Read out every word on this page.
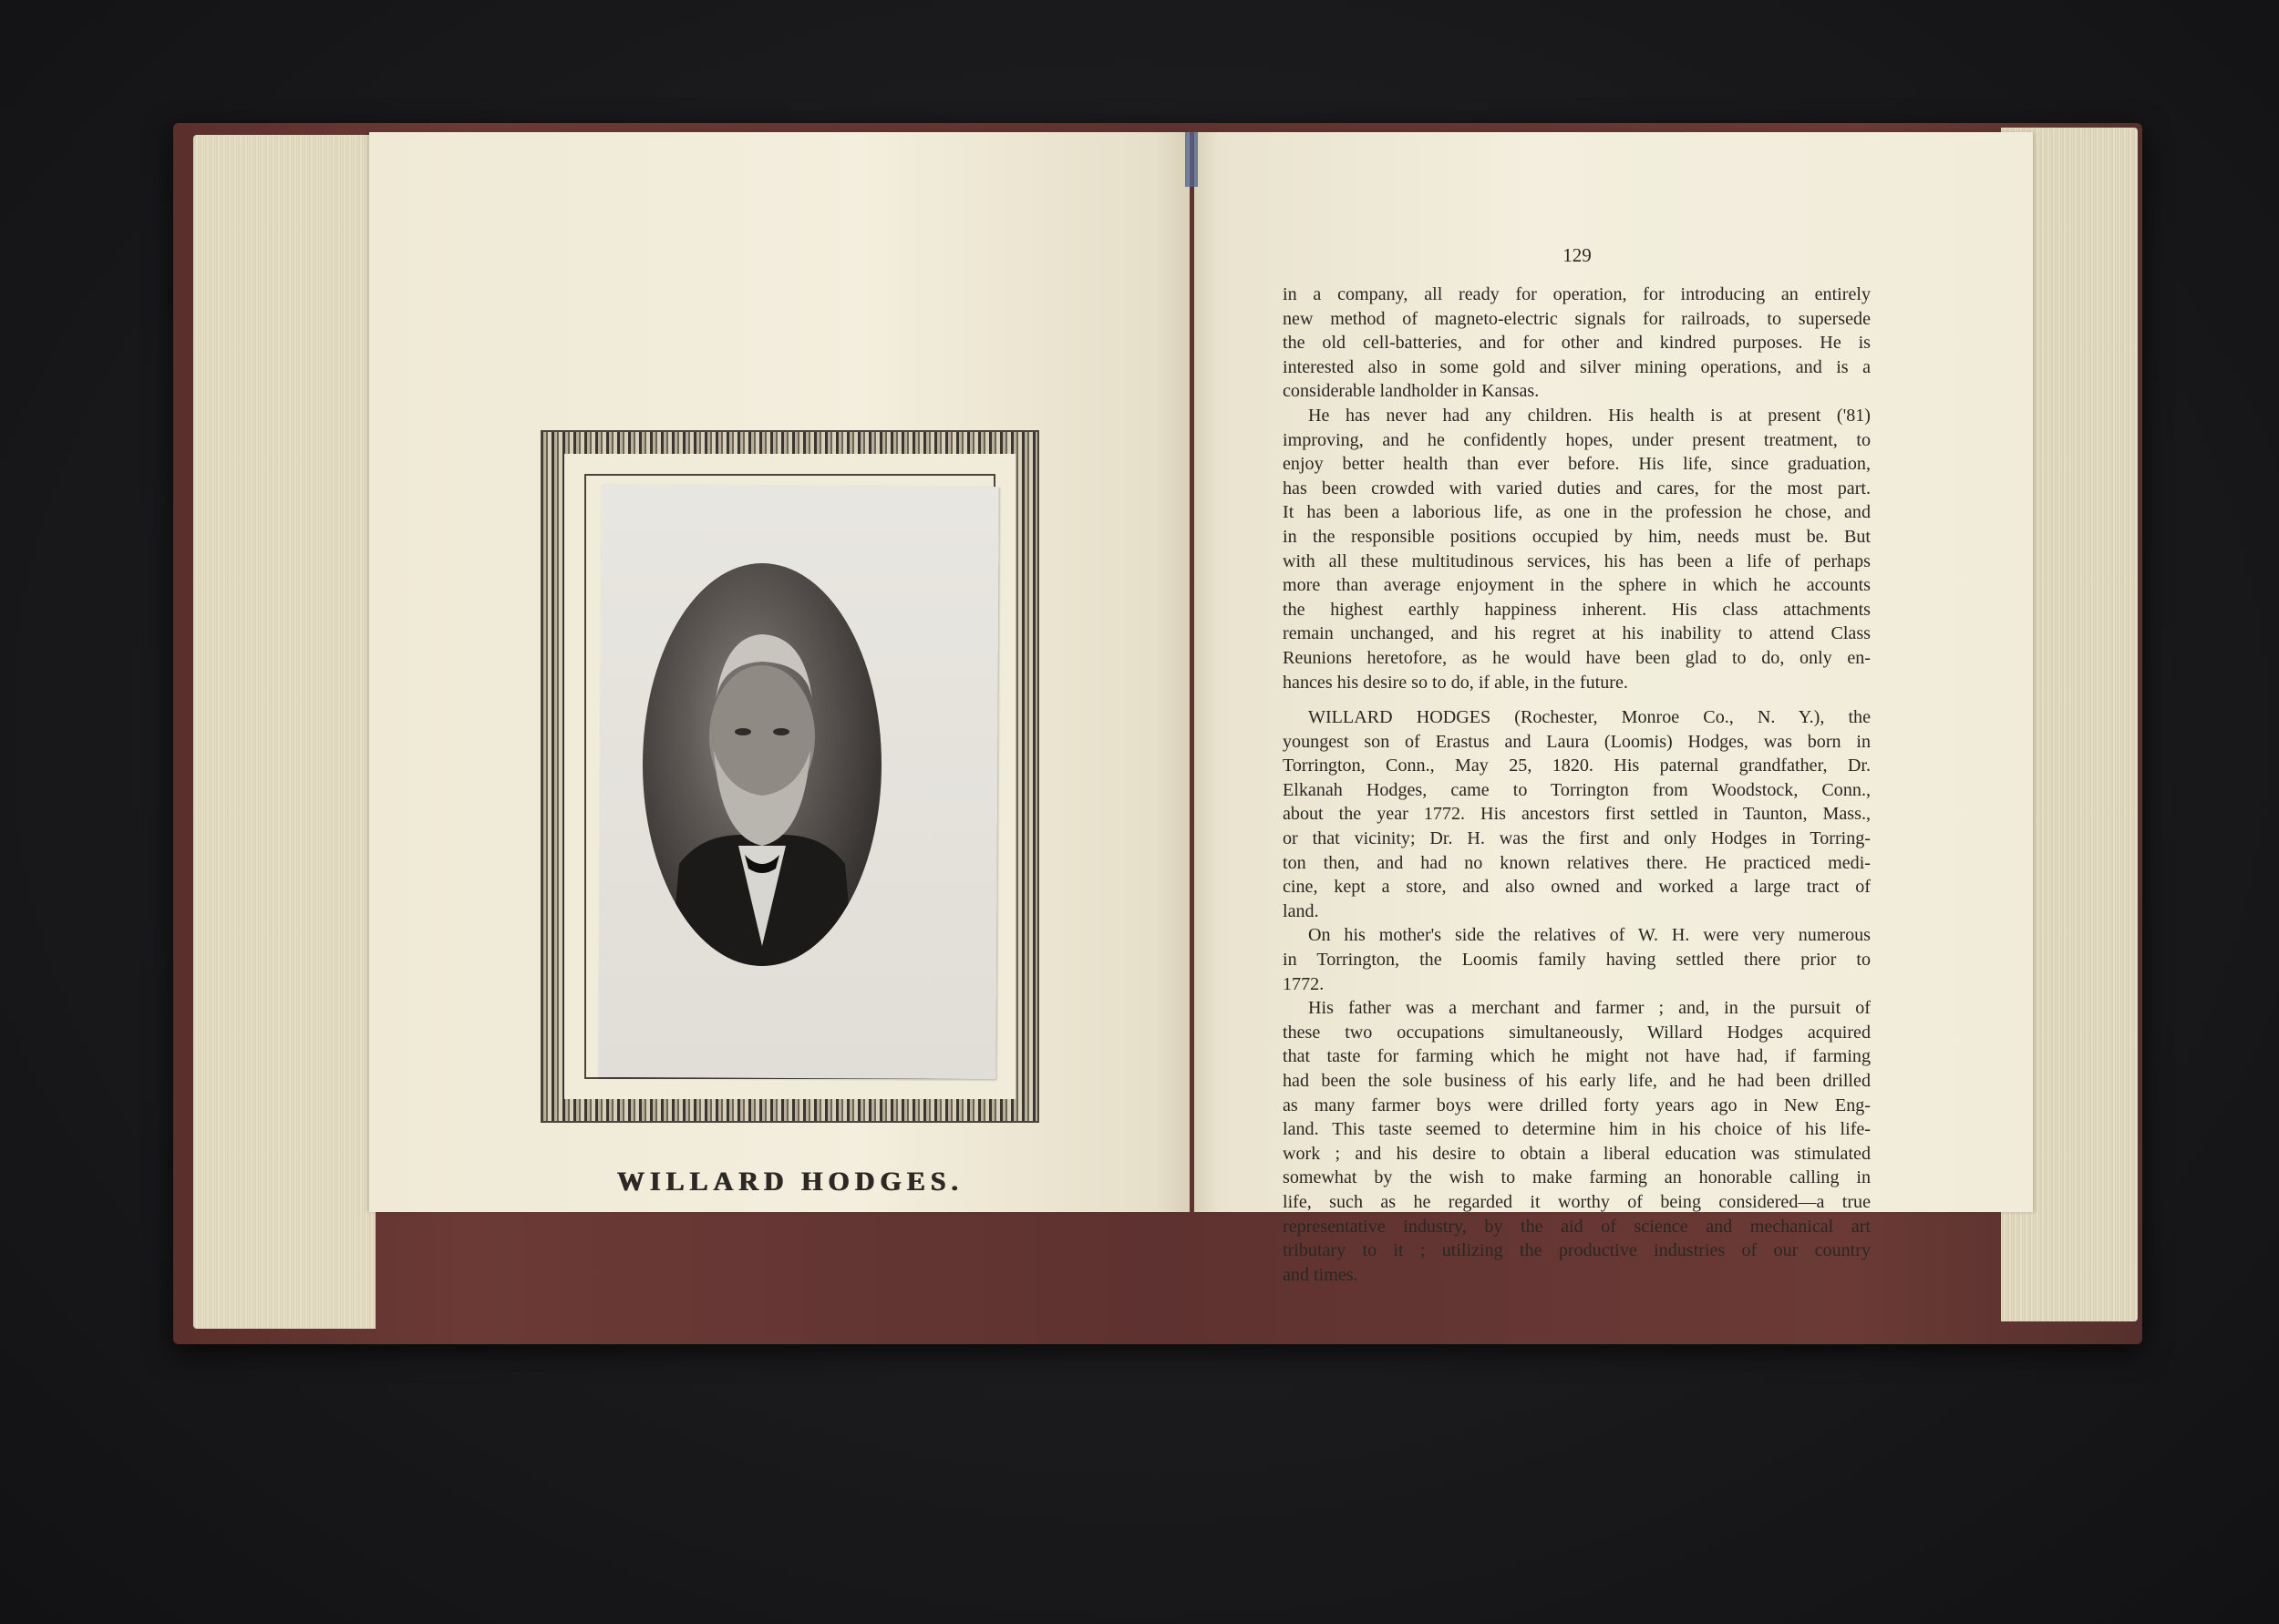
WILLARD HODGES.
129
in a company, all ready for operation, for introducing an entirely
new method of magneto-electric signals for railroads, to supersede
the old cell-batteries, and for other and kindred purposes. He is
interested also in some gold and silver mining operations, and is a
considerable landholder in Kansas.
He has never had any children. His health is at present ('81)
improving, and he confidently hopes, under present treatment, to
enjoy better health than ever before. His life, since graduation,
has been crowded with varied duties and cares, for the most part.
It has been a laborious life, as one in the profession he chose, and
in the responsible positions occupied by him, needs must be. But
with all these multitudinous services, his has been a life of perhaps
more than average enjoyment in the sphere in which he accounts
the highest earthly happiness inherent. His class attachments
remain unchanged, and his regret at his inability to attend Class
Reunions heretofore, as he would have been glad to do, only en-
hances his desire so to do, if able, in the future.
WILLARD HODGES (Rochester, Monroe Co., N. Y.), the
youngest son of Erastus and Laura (Loomis) Hodges, was born in
Torrington, Conn., May 25, 1820. His paternal grandfather, Dr.
Elkanah Hodges, came to Torrington from Woodstock, Conn.,
about the year 1772. His ancestors first settled in Taunton, Mass.,
or that vicinity; Dr. H. was the first and only Hodges in Torring-
ton then, and had no known relatives there. He practiced medi-
cine, kept a store, and also owned and worked a large tract of
land.
On his mother's side the relatives of W. H. were very numerous
in Torrington, the Loomis family having settled there prior to
1772.
His father was a merchant and farmer ; and, in the pursuit of
these two occupations simultaneously, Willard Hodges acquired
that taste for farming which he might not have had, if farming
had been the sole business of his early life, and he had been drilled
as many farmer boys were drilled forty years ago in New Eng-
land. This taste seemed to determine him in his choice of his life-
work ; and his desire to obtain a liberal education was stimulated
somewhat by the wish to make farming an honorable calling in
life, such as he regarded it worthy of being considered—a true
representative industry, by the aid of science and mechanical art
tributary to it ; utilizing the productive industries of our country
and times.
